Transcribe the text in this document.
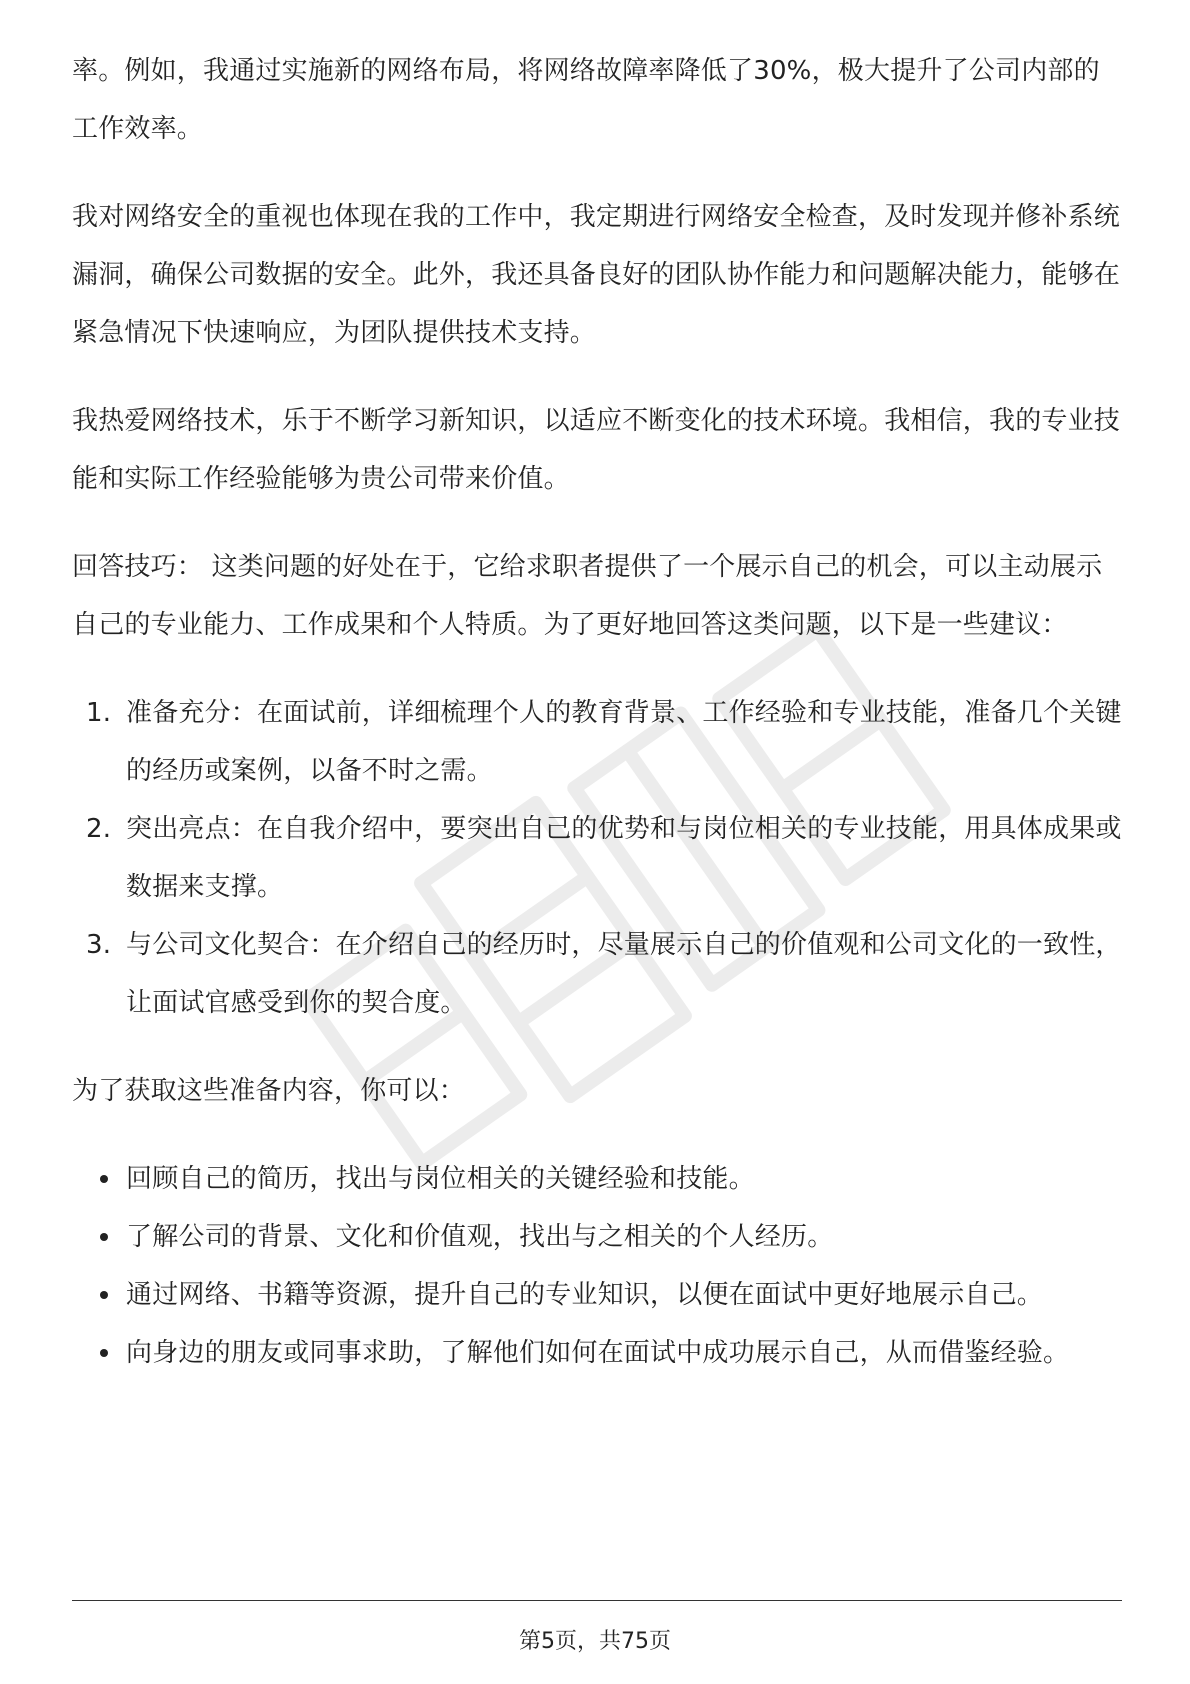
率。例如，我通过实施新的网络布局，将网络故障率降低了30%，极大提升了公司内部的工作效率。

我对网络安全的重视也体现在我的工作中，我定期进行网络安全检查，及时发现并修补系统漏洞，确保公司数据的安全。此外，我还具备良好的团队协作能力和问题解决能力，能够在紧急情况下快速响应，为团队提供技术支持。

我热爱网络技术，乐于不断学习新知识，以适应不断变化的技术环境。我相信，我的专业技能和实际工作经验能够为贵公司带来价值。

回答技巧： 这类问题的好处在于，它给求职者提供了一个展示自己的机会，可以主动展示自己的专业能力、工作成果和个人特质。为了更好地回答这类问题，以下是一些建议：

1. 准备充分：在面试前，详细梳理个人的教育背景、工作经验和专业技能，准备几个关键的经历或案例，以备不时之需。
2. 突出亮点：在自我介绍中，要突出自己的优势和与岗位相关的专业技能，用具体成果或数据来支撑。
3. 与公司文化契合：在介绍自己的经历时，尽量展示自己的价值观和公司文化的一致性，让面试官感受到你的契合度。

为了获取这些准备内容，你可以：

回顾自己的简历，找出与岗位相关的关键经验和技能。
了解公司的背景、文化和价值观，找出与之相关的个人经历。
通过网络、书籍等资源，提升自己的专业知识，以便在面试中更好地展示自己。
向身边的朋友或同事求助，了解他们如何在面试中成功展示自己，从而借鉴经验。
第5页，共75页
